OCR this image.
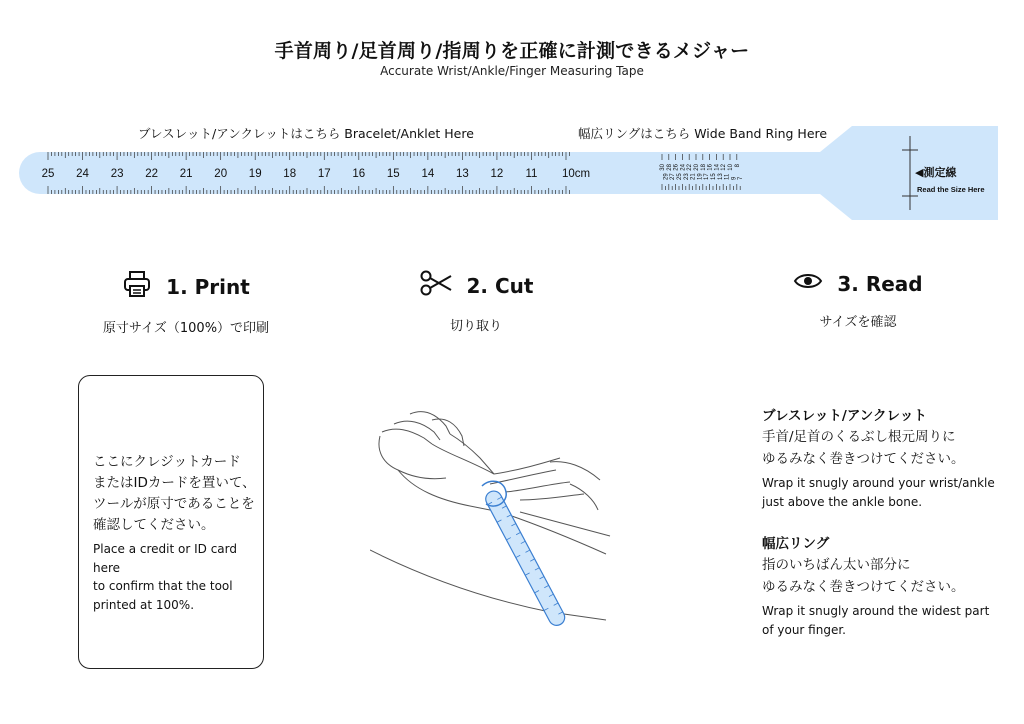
手首周り/足首周り/指周りを正確に計測できるメジャー
Accurate Wrist/Ankle/Finger Measuring Tape
ブレスレット/アンクレットはこちら Bracelet/Anklet Here	幅広リングはこちら Wide Band Ring Here
25 24 23 22 21 20 19 18 17 16 15 14 13 12 11 10cm
30
29
28
27
26
25
24
23
22
21
20
19
18
17
16
15
14
13
12
11
10
9
8
7	◀測定線
Read the Size Here
1. Print
原寸サイズ（100%）で印刷
2. Cut
切り取り
3. Read
サイズを確認
ここにクレジットカード
またはIDカードを置いて、
ツールが原寸であることを
確認してください。
Place a credit or ID card here
to confirm that the tool
printed at 100%.
ブレスレット/アンクレット
手首/足首のくるぶし根元周りに
ゆるみなく巻きつけてください。
Wrap it snugly around your wrist/ankle
just above the ankle bone.
幅広リング
指のいちばん太い部分に
ゆるみなく巻きつけてください。
Wrap it snugly around the widest part
of your finger.
